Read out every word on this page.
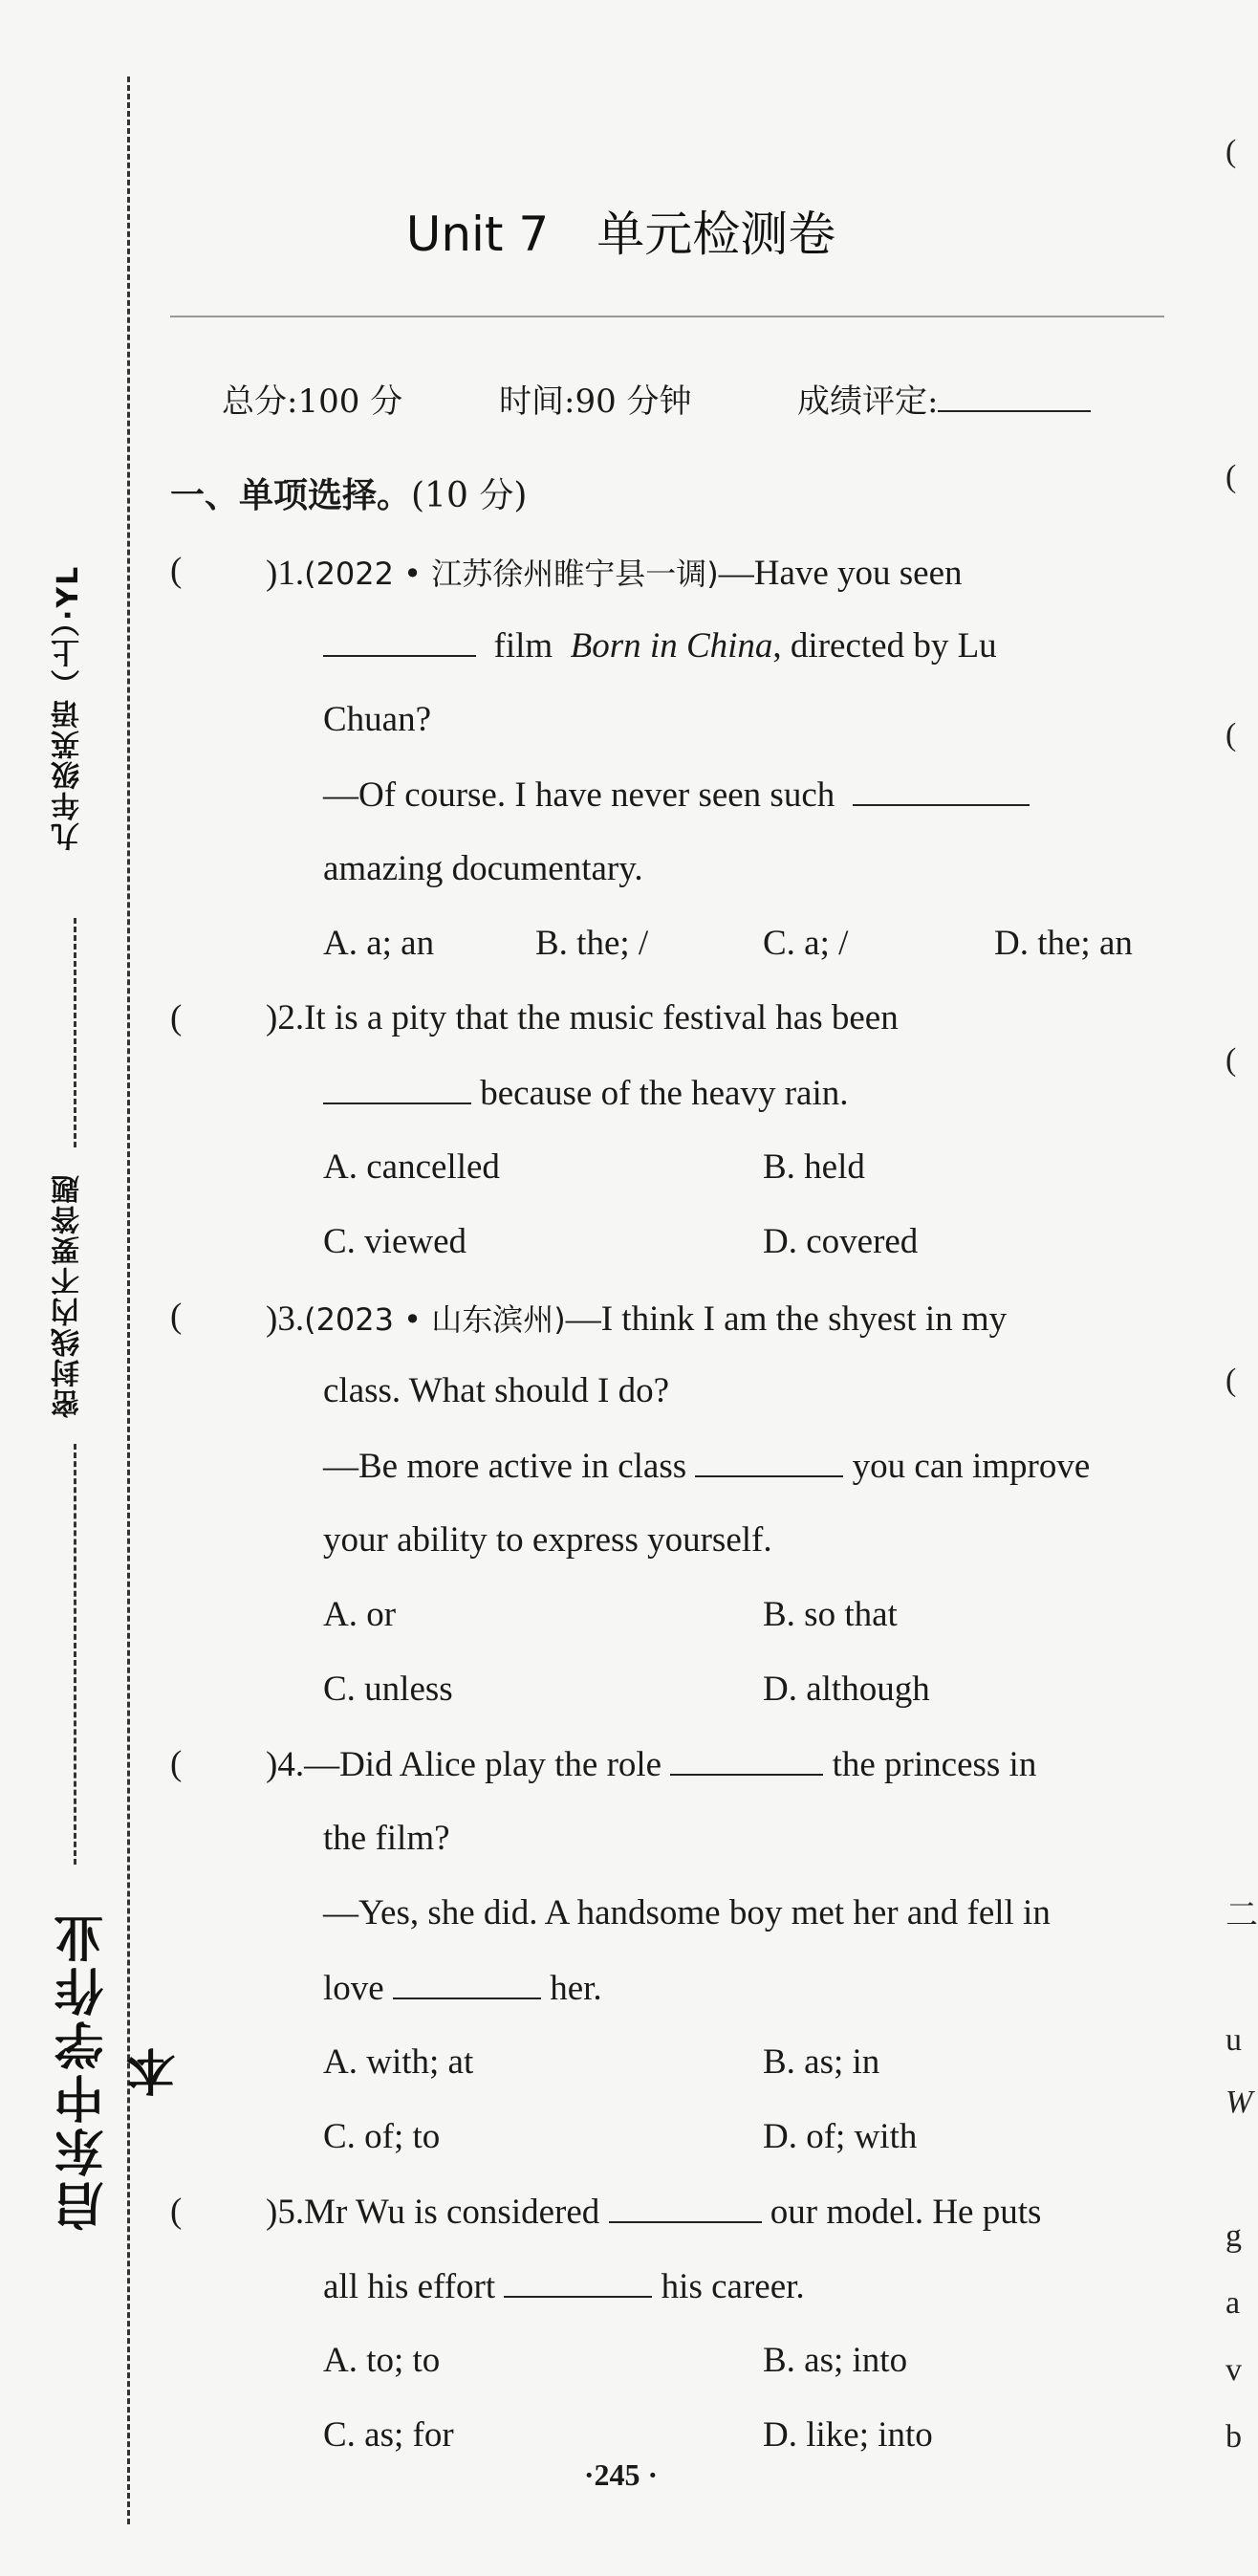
九年级英语（上）·YL
密封线内不要答题
启东中学作业本
Unit 7　单元检测卷
总分:100 分	时间:90 分钟	成绩评定:
一、单项选择。(10 分)
( )1.(2022 • 江苏徐州睢宁县一调)—Have you seen
film Born in China, directed by Lu
Chuan?
—Of course. I have never seen such
amazing documentary.
A. a; an	B. the; /	C. a; /	D. the; an
( )2.It is a pity that the music festival has been
because of the heavy rain.
A. cancelled	B. held
C. viewed	D. covered
( )3.(2023 • 山东滨州)—I think I am the shyest in my
class. What should I do?
—Be more active in class	you can improve
your ability to express yourself.
A. or	B. so that
C. unless	D. although
( )4.—Did Alice play the role	the princess in
the film?
—Yes, she did. A handsome boy met her and fell in
love	her.
A. with; at	B. as; in
C. of; to	D. of; with
( )5.Mr Wu is considered	our model. He puts
all his effort	his career.
A. to; to	B. as; into
C. as; for	D. like; into
·245 ·
(
(
(
(
(
二
u
W
g
a
v
b
